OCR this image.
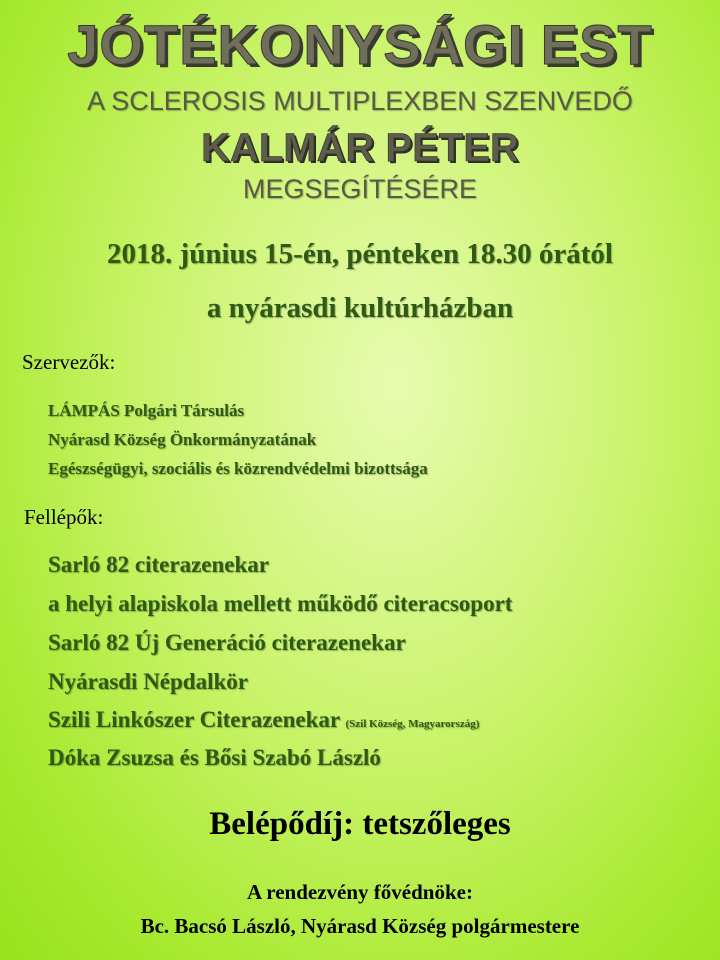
JÓTÉKONYSÁGI EST
A SCLEROSIS MULTIPLEXBEN SZENVEDŐ
KALMÁR PÉTER
MEGSEGÍTÉSÉRE
2018. június 15-én, pénteken 18.30 órától
a nyárasdi kultúrházban
Szervezők:
LÁMPÁS Polgári Társulás
Nyárasd Község Önkormányzatának
Egészségügyi, szociális és közrendvédelmi bizottsága
Fellépők:
Sarló 82 citerazenekar
a helyi alapiskola mellett működő citeracsoport
Sarló 82 Új Generáció citerazenekar
Nyárasdi Népdalkör
Szili Linkószer Citerazenekar (Szil Község, Magyarország)
Dóka Zsuzsa és Bősi Szabó László
Belépődíj: tetszőleges
A rendezvény fővédnöke:
Bc. Bacsó László, Nyárasd Község polgármestere
